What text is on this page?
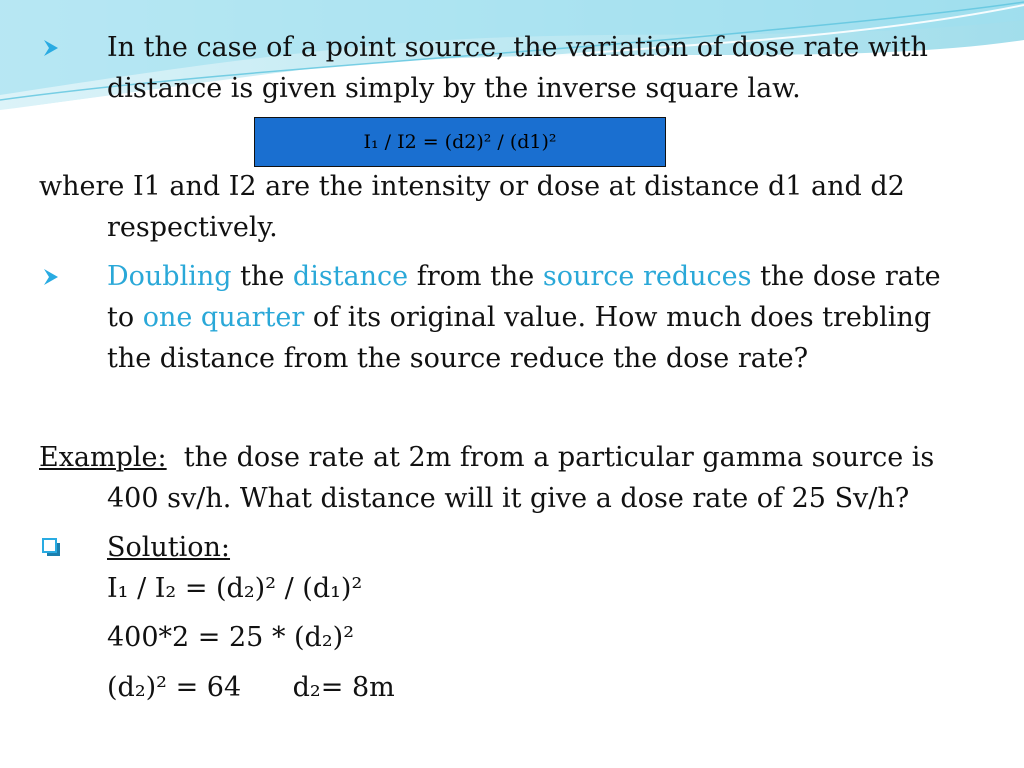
In the case of a point source, the variation of dose rate with
distance is given simply by the inverse square law.
I₁ / I2 = (d2)² / (d1)²
where I1 and I2 are the intensity or dose at distance d1 and d2
respectively.
Doubling the distance from the source reduces the dose rate
to one quarter of its original value. How much does trebling
the distance from the source reduce the dose rate?
Example:  the dose rate at 2m from a particular gamma source is
400 sv/h. What distance will it give a dose rate of 25 Sv/h?
Solution:
I₁ / I₂ = (d₂)² / (d₁)²
400*2 = 25 * (d₂)²
(d₂)² = 64      d₂= 8m
